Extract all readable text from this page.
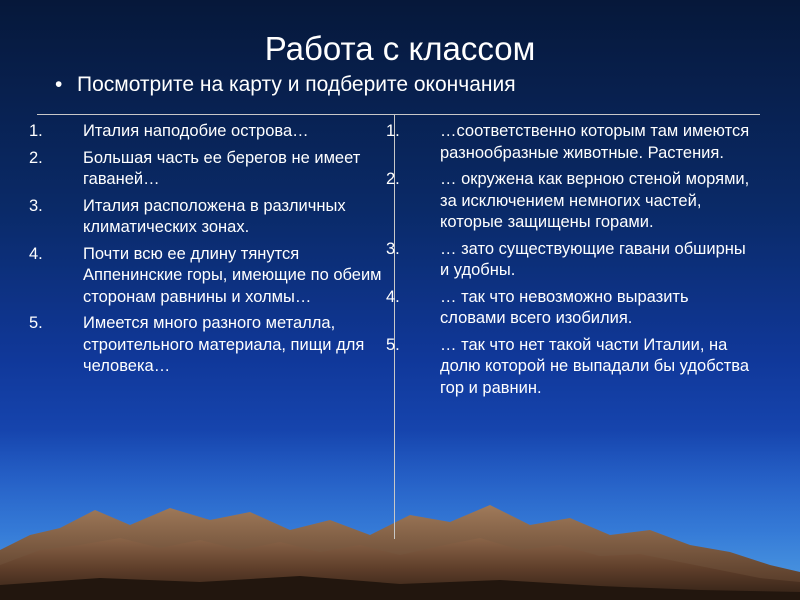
Работа с классом
• Посмотрите на карту и подберите окончания
1.	Италия наподобие острова…
2.	Большая часть ее берегов не имеет гаваней…
3.	Италия расположена в различных климатических зонах.
4.	Почти всю ее длину тянутся Аппенинские горы, имеющие по обеим сторонам равнины и холмы…
5.	Имеется много разного металла, строительного материала, пищи для человека…
1.	…соответственно которым там имеются разнообразные животные. Растения.
2.	… окружена как верною стеной морями, за исключением немногих частей, которые защищены горами.
3.	… зато существующие гавани обширны и удобны.
4.	… так что невозможно выразить словами всего изобилия.
5.	… так что нет такой части Италии, на долю которой не выпадали бы удобства гор и равнин.
